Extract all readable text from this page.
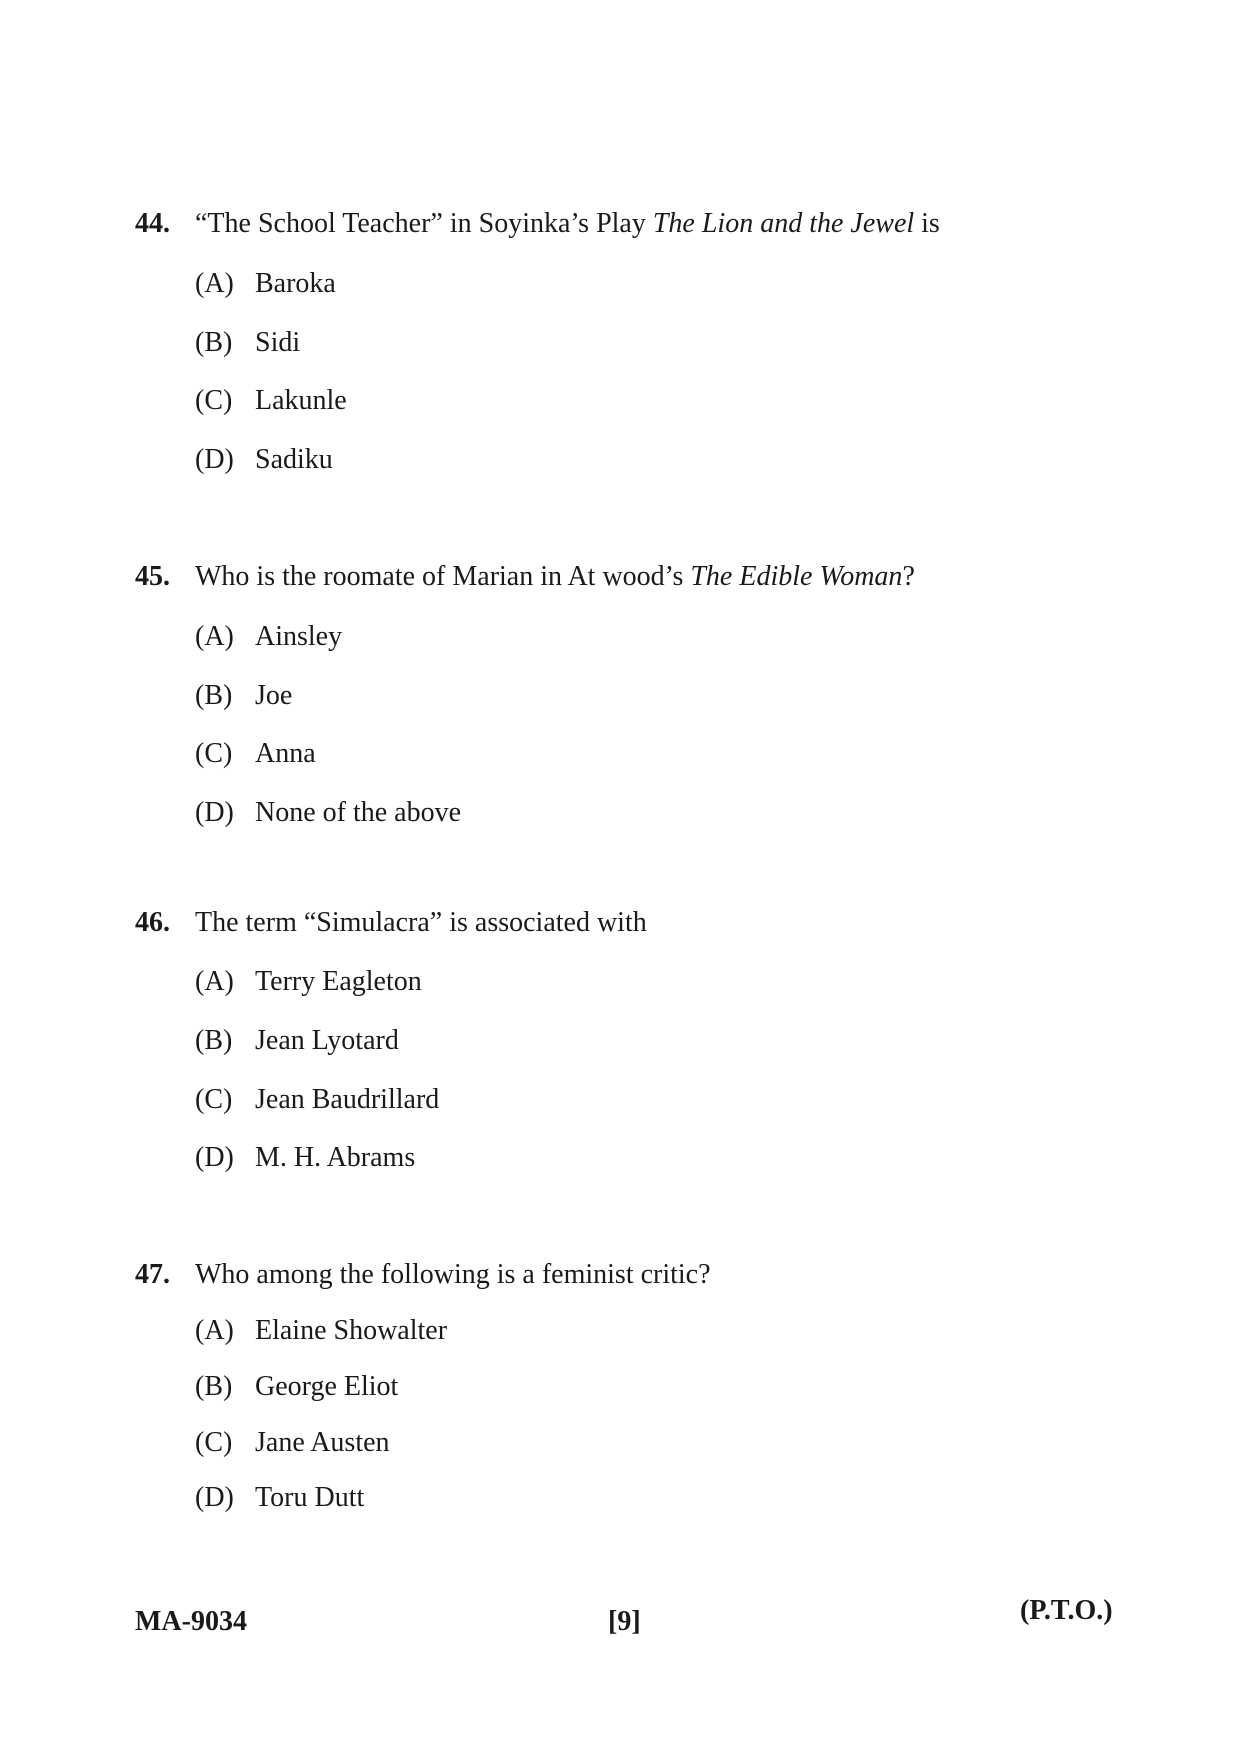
44. “The School Teacher” in Soyinka’s Play The Lion and the Jewel is
(A) Baroka
(B) Sidi
(C) Lakunle
(D) Sadiku
45. Who is the roomate of Marian in At wood’s The Edible Woman?
(A) Ainsley
(B) Joe
(C) Anna
(D) None of the above
46. The term “Simulacra” is associated with
(A) Terry Eagleton
(B) Jean Lyotard
(C) Jean Baudrillard
(D) M. H. Abrams
47. Who among the following is a feminist critic?
(A) Elaine Showalter
(B) George Eliot
(C) Jane Austen
(D) Toru Dutt
MA-9034	[9]	(P.T.O.)
